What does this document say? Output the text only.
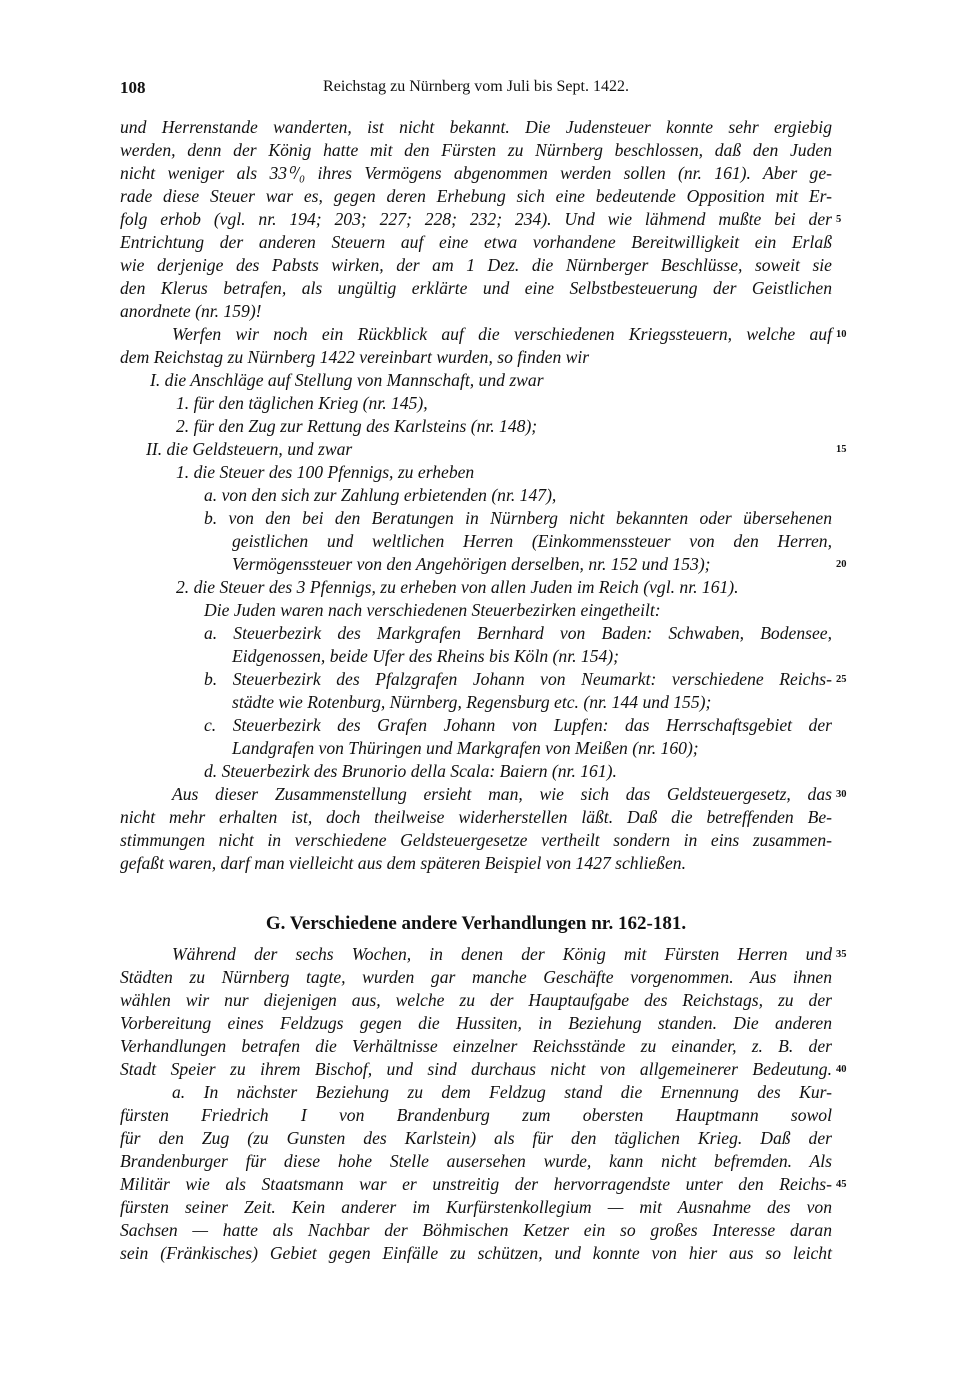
108	Reichstag zu Nürnberg vom Juli bis Sept. 1422.
und Herrenstande wanderten, ist nicht bekannt. Die Judensteuer konnte sehr ergiebig
werden, denn der König hatte mit den Fürsten zu Nürnberg beschlossen, daß den Juden
nicht weniger als 33⁰/₀ ihres Vermögens abgenommen werden sollen (nr. 161). Aber ge-
rade diese Steuer war es, gegen deren Erhebung sich eine bedeutende Opposition mit Er-
folg erhob (vgl. nr. 194; 203; 227; 228; 232; 234). Und wie lähmend mußte bei der
Entrichtung der anderen Steuern auf eine etwa vorhandene Bereitwilligkeit ein Erlaß
wie derjenige des Pabsts wirken, der am 1 Dez. die Nürnberger Beschlüsse, soweit sie
den Klerus betrafen, als ungültig erklärte und eine Selbstbesteuerung der Geistlichen
anordnete (nr. 159)!
Werfen wir noch ein Rückblick auf die verschiedenen Kriegssteuern, welche auf
dem Reichstag zu Nürnberg 1422 vereinbart wurden, so finden wir
I. die Anschläge auf Stellung von Mannschaft, und zwar
1. für den täglichen Krieg (nr. 145),
2. für den Zug zur Rettung des Karlsteins (nr. 148);
II. die Geldsteuern, und zwar
1. die Steuer des 100 Pfennigs, zu erheben
a. von den sich zur Zahlung erbietenden (nr. 147),
b. von den bei den Beratungen in Nürnberg nicht bekannten oder übersehenen
geistlichen und weltlichen Herren (Einkommenssteuer von den Herren,
Vermögenssteuer von den Angehörigen derselben, nr. 152 und 153);
2. die Steuer des 3 Pfennigs, zu erheben von allen Juden im Reich (vgl. nr. 161).
Die Juden waren nach verschiedenen Steuerbezirken eingetheilt:
a. Steuerbezirk des Markgrafen Bernhard von Baden: Schwaben, Bodensee,
Eidgenossen, beide Ufer des Rheins bis Köln (nr. 154);
b. Steuerbezirk des Pfalzgrafen Johann von Neumarkt: verschiedene Reichs-
städte wie Rotenburg, Nürnberg, Regensburg etc. (nr. 144 und 155);
c. Steuerbezirk des Grafen Johann von Lupfen: das Herrschaftsgebiet der
Landgrafen von Thüringen und Markgrafen von Meißen (nr. 160);
d. Steuerbezirk des Brunorio della Scala: Baiern (nr. 161).
Aus dieser Zusammenstellung ersieht man, wie sich das Geldsteuergesetz, das
nicht mehr erhalten ist, doch theilweise widerherstellen läßt. Daß die betreffenden Be-
stimmungen nicht in verschiedene Geldsteuergesetze vertheilt sondern in eins zusammen-
gefaßt waren, darf man vielleicht aus dem späteren Beispiel von 1427 schließen.
G. Verschiedene andere Verhandlungen nr. 162-181.
Während der sechs Wochen, in denen der König mit Fürsten Herren und
Städten zu Nürnberg tagte, wurden gar manche Geschäfte vorgenommen. Aus ihnen
wählen wir nur diejenigen aus, welche zu der Hauptaufgabe des Reichstags, zu der
Vorbereitung eines Feldzugs gegen die Hussiten, in Beziehung standen. Die anderen
Verhandlungen betrafen die Verhältnisse einzelner Reichsstände zu einander, z. B. der
Stadt Speier zu ihrem Bischof, und sind durchaus nicht von allgemeinerer Bedeutung.
a. In nächster Beziehung zu dem Feldzug stand die Ernennung des Kur-
fürsten Friedrich I von Brandenburg zum obersten Hauptmann sowol
für den Zug (zu Gunsten des Karlstein) als für den täglichen Krieg. Daß der
Brandenburger für diese hohe Stelle ausersehen wurde, kann nicht befremden. Als
Militär wie als Staatsmann war er unstreitig der hervorragendste unter den Reichs-
fürsten seiner Zeit. Kein anderer im Kurfürstenkollegium — mit Ausnahme des von
Sachsen — hatte als Nachbar der Böhmischen Ketzer ein so großes Interesse daran
sein (Fränkisches) Gebiet gegen Einfälle zu schützen, und konnte von hier aus so leicht
5
10
15
20
25
30
35
40
45
